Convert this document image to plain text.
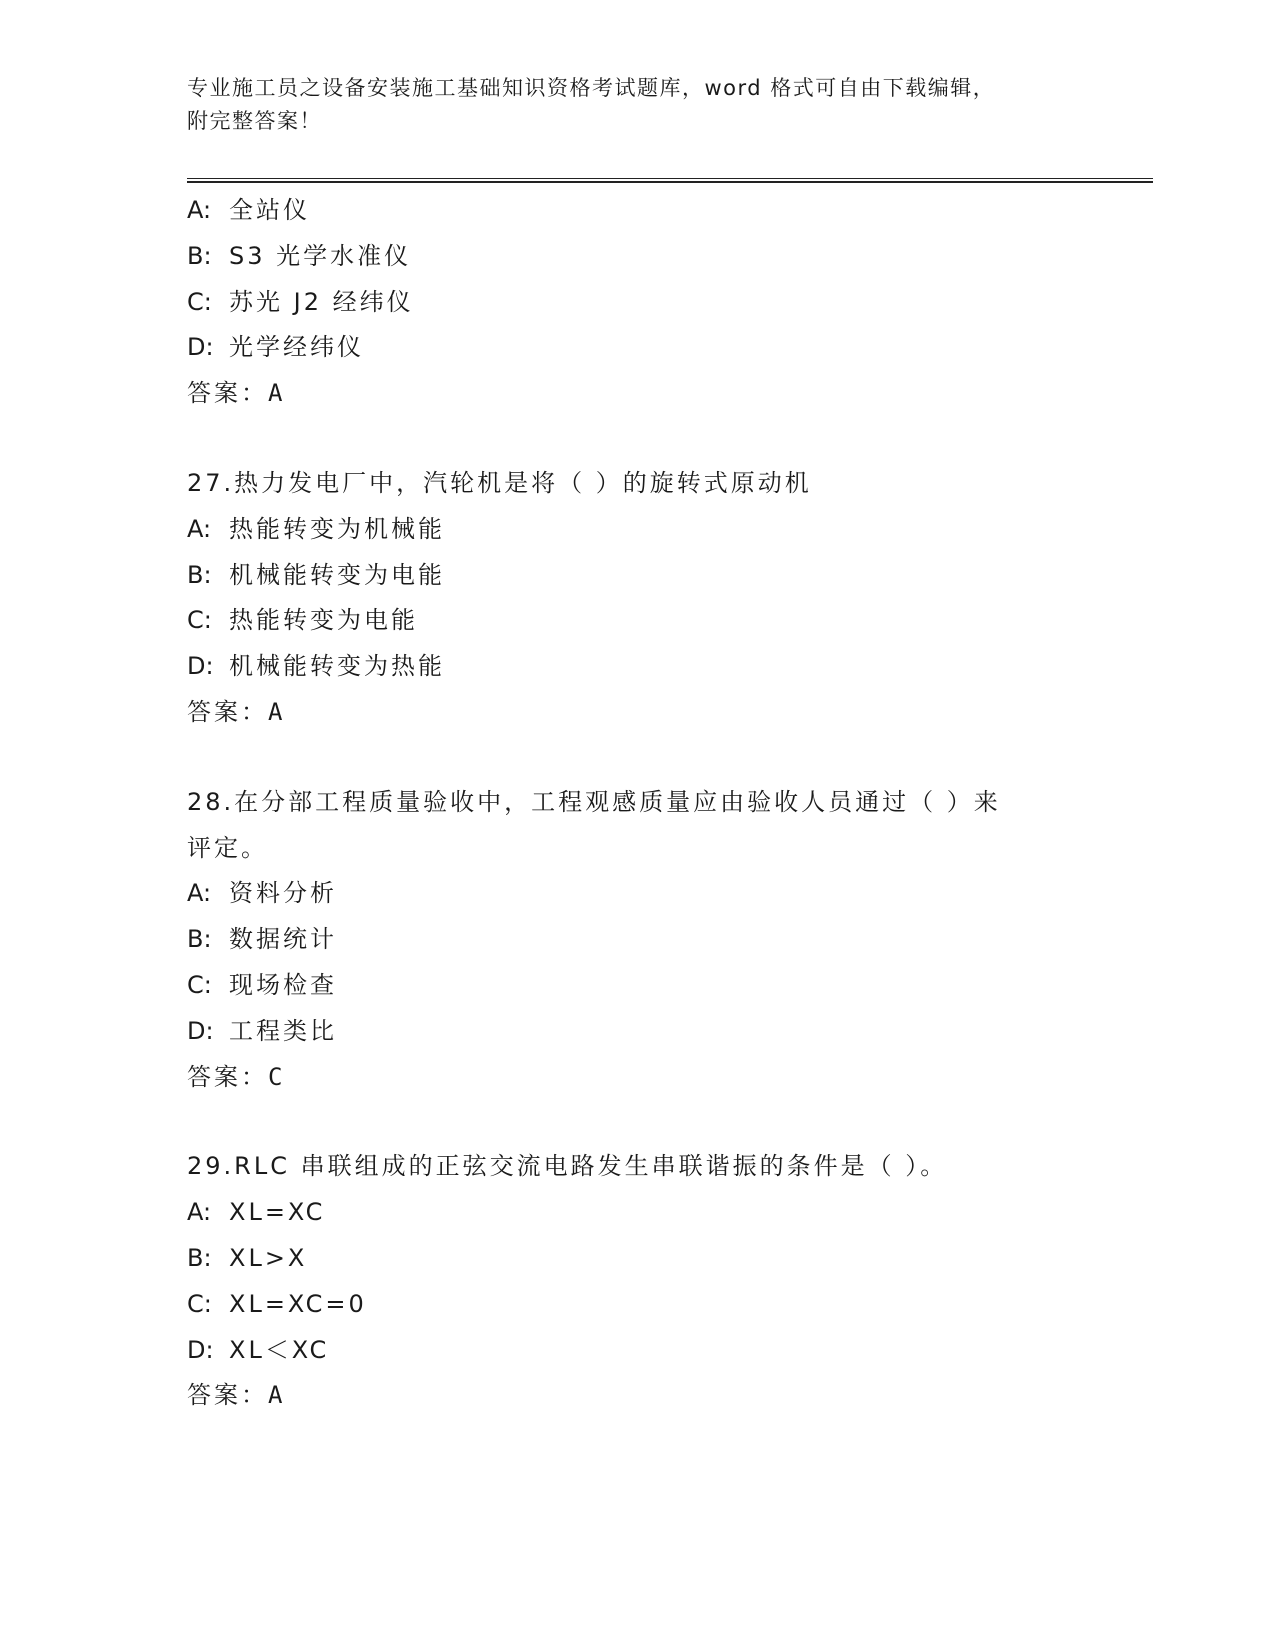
专业施工员之设备安装施工基础知识资格考试题库，word 格式可自由下载编辑，
附完整答案！
A: 全站仪
B: S3 光学水准仪
C: 苏光 J2 经纬仪
D: 光学经纬仪
答案：A
27.热力发电厂中，汽轮机是将（ ）的旋转式原动机
A: 热能转变为机械能
B: 机械能转变为电能
C: 热能转变为电能
D: 机械能转变为热能
答案：A
28.在分部工程质量验收中，工程观感质量应由验收人员通过（ ）来
评定。
A: 资料分析
B: 数据统计
C: 现场检查
D: 工程类比
答案：C
29.RLC 串联组成的正弦交流电路发生串联谐振的条件是（ ）。
A: XL=XC
B: XL>X
C: XL=XC=0
D: XL＜XC
答案：A
